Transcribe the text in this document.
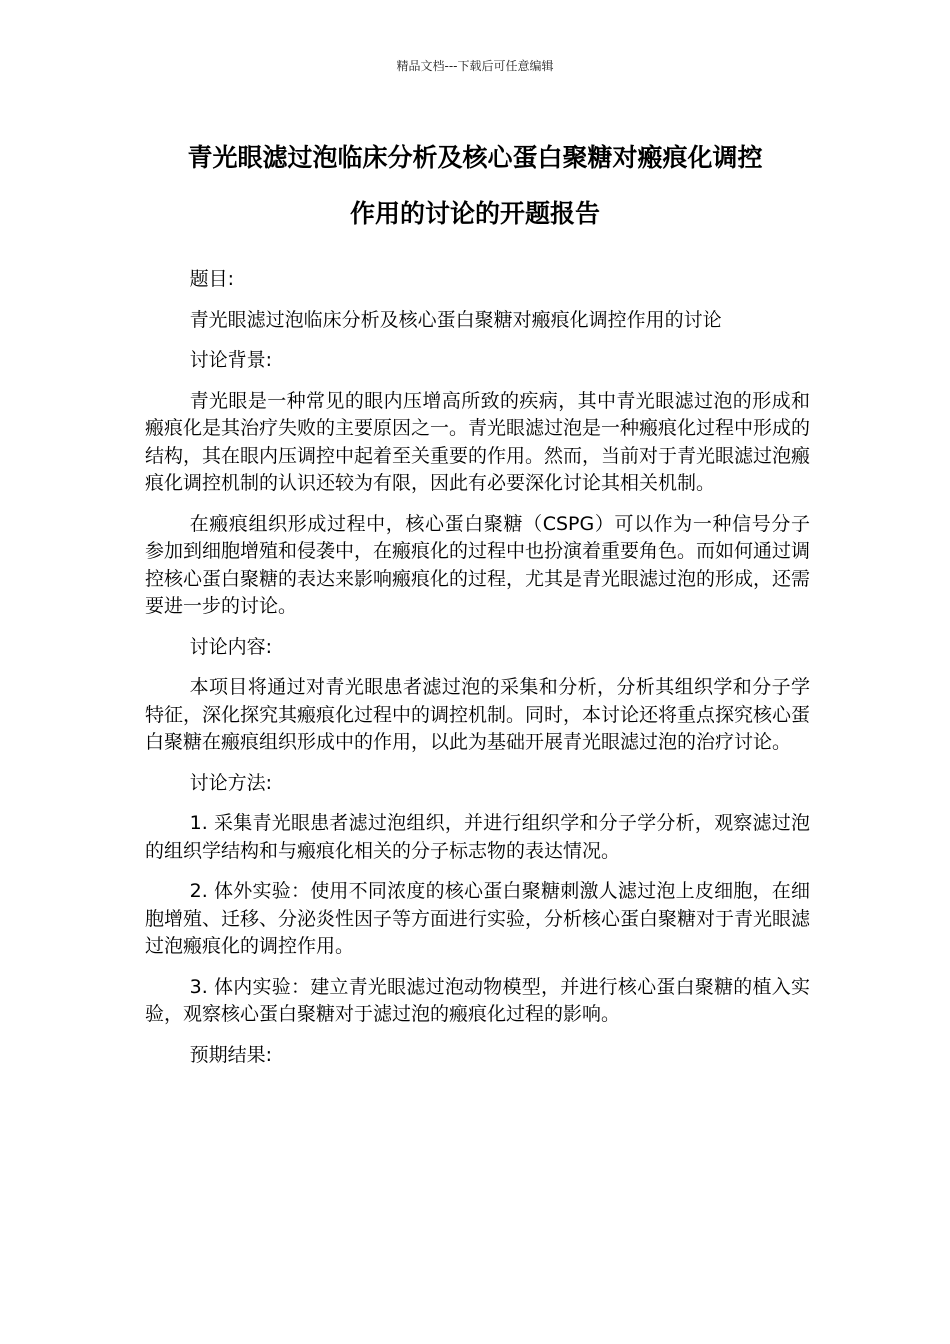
精品文档---下载后可任意编辑
青光眼滤过泡临床分析及核心蛋白聚糖对瘢痕化调控
作用的讨论的开题报告

题目:

青光眼滤过泡临床分析及核心蛋白聚糖对瘢痕化调控作用的讨论

讨论背景:

青光眼是一种常见的眼内压增高所致的疾病，其中青光眼滤过泡的形成和瘢痕化是其治疗失败的主要原因之一。青光眼滤过泡是一种瘢痕化过程中形成的结构，其在眼内压调控中起着至关重要的作用。然而，当前对于青光眼滤过泡瘢痕化调控机制的认识还较为有限，因此有必要深化讨论其相关机制。

在瘢痕组织形成过程中，核心蛋白聚糖（CSPG）可以作为一种信号分子参加到细胞增殖和侵袭中，在瘢痕化的过程中也扮演着重要角色。而如何通过调控核心蛋白聚糖的表达来影响瘢痕化的过程，尤其是青光眼滤过泡的形成，还需要进一步的讨论。

讨论内容:

本项目将通过对青光眼患者滤过泡的采集和分析，分析其组织学和分子学特征，深化探究其瘢痕化过程中的调控机制。同时，本讨论还将重点探究核心蛋白聚糖在瘢痕组织形成中的作用，以此为基础开展青光眼滤过泡的治疗讨论。

讨论方法:

1. 采集青光眼患者滤过泡组织，并进行组织学和分子学分析，观察滤过泡的组织学结构和与瘢痕化相关的分子标志物的表达情况。

2. 体外实验：使用不同浓度的核心蛋白聚糖刺激人滤过泡上皮细胞，在细胞增殖、迁移、分泌炎性因子等方面进行实验，分析核心蛋白聚糖对于青光眼滤过泡瘢痕化的调控作用。

3. 体内实验：建立青光眼滤过泡动物模型，并进行核心蛋白聚糖的植入实验，观察核心蛋白聚糖对于滤过泡的瘢痕化过程的影响。

预期结果:
